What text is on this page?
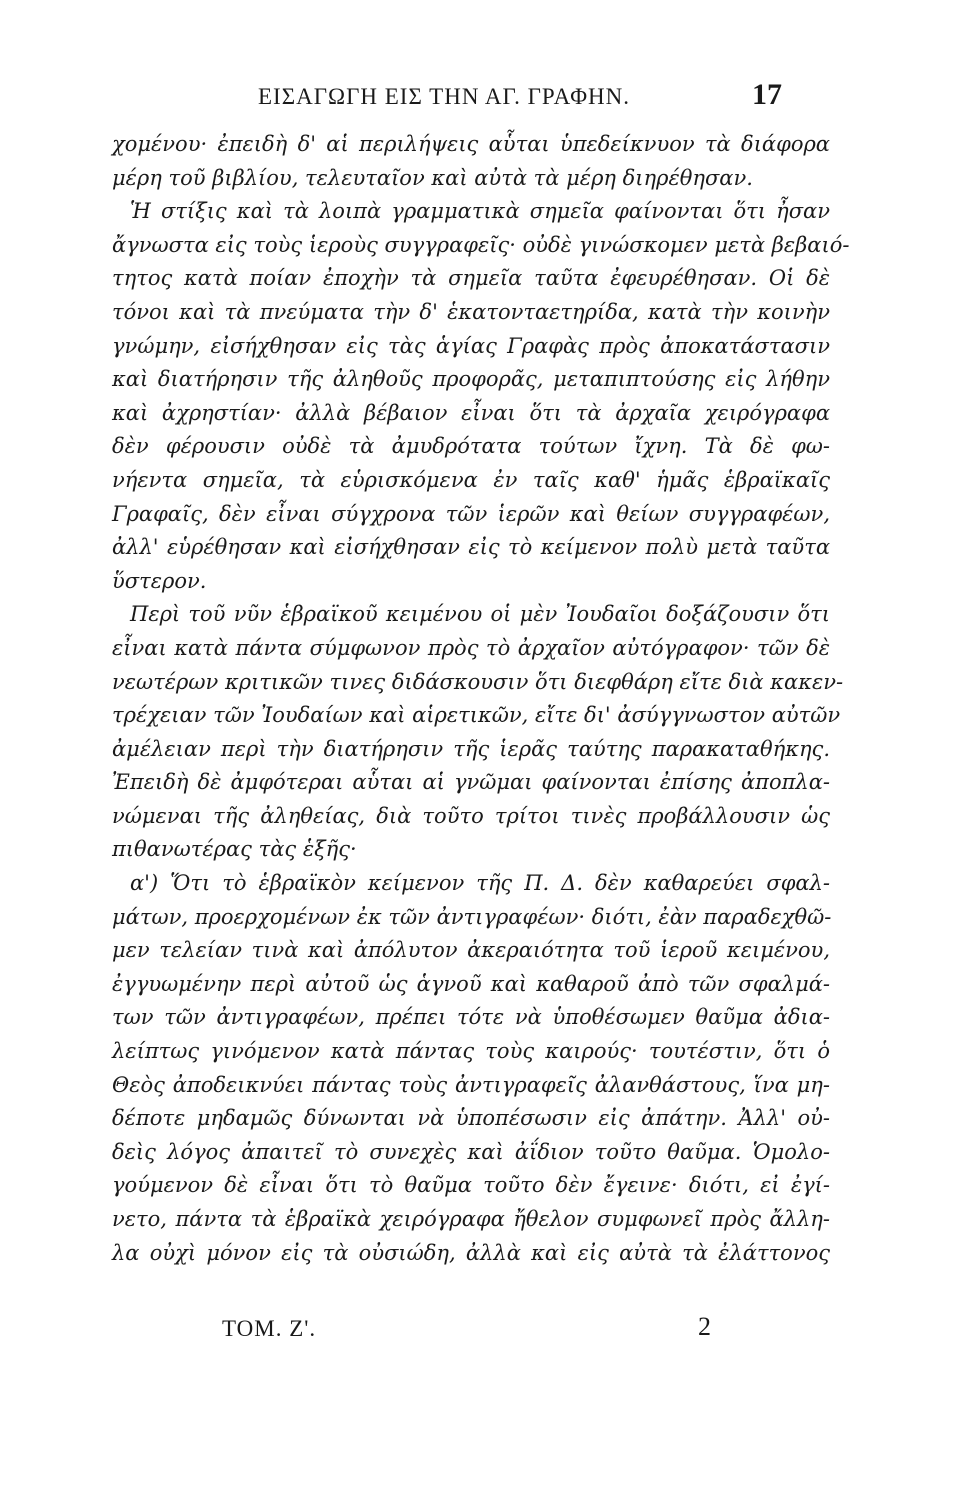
ΕΙΣΑΓΩΓΗ ΕΙΣ ΤΗΝ ΑΓ. ΓΡΑΦΗΝ.	17
χομένου· ἐπειδὴ δ' αἱ περιλήψεις αὗται ὑπεδείκνυον τὰ διάφορα
μέρη τοῦ βιβλίου, τελευταῖον καὶ αὐτὰ τὰ μέρη διηρέθησαν.
Ἡ στίξις καὶ τὰ λοιπὰ γραμματικὰ σημεῖα φαίνονται ὅτι ἦσαν
ἄγνωστα εἰς τοὺς ἱεροὺς συγγραφεῖς· οὐδὲ γινώσκομεν μετὰ βεβαιό-
τητος κατὰ ποίαν ἐποχὴν τὰ σημεῖα ταῦτα ἐφευρέθησαν. Οἱ δὲ
τόνοι καὶ τὰ πνεύματα τὴν δ' ἑκατονταετηρίδα, κατὰ τὴν κοινὴν
γνώμην, εἰσήχθησαν εἰς τὰς ἁγίας Γραφὰς πρὸς ἀποκατάστασιν
καὶ διατήρησιν τῆς ἀληθοῦς προφορᾶς, μεταπιπτούσης εἰς λήθην
καὶ ἀχρηστίαν· ἀλλὰ βέβαιον εἶναι ὅτι τὰ ἀρχαῖα χειρόγραφα
δὲν φέρουσιν οὐδὲ τὰ ἀμυδρότατα τούτων ἴχνη. Τὰ δὲ φω-
νήεντα σημεῖα, τὰ εὑρισκόμενα ἐν ταῖς καθ' ἡμᾶς ἑβραϊκαῖς
Γραφαῖς, δὲν εἶναι σύγχρονα τῶν ἱερῶν καὶ θείων συγγραφέων,
ἀλλ' εὑρέθησαν καὶ εἰσήχθησαν εἰς τὸ κείμενον πολὺ μετὰ ταῦτα
ὕστερον.
Περὶ τοῦ νῦν ἑβραϊκοῦ κειμένου οἱ μὲν Ἰουδαῖοι δοξάζουσιν ὅτι
εἶναι κατὰ πάντα σύμφωνον πρὸς τὸ ἀρχαῖον αὐτόγραφον· τῶν δὲ
νεωτέρων κριτικῶν τινες διδάσκουσιν ὅτι διεφθάρη εἴτε διὰ κακεν-
τρέχειαν τῶν Ἰουδαίων καὶ αἱρετικῶν, εἴτε δι' ἀσύγγνωστον αὐτῶν
ἀμέλειαν περὶ τὴν διατήρησιν τῆς ἱερᾶς ταύτης παρακαταθήκης.
Ἐπειδὴ δὲ ἀμφότεραι αὗται αἱ γνῶμαι φαίνονται ἐπίσης ἀποπλα-
νώμεναι τῆς ἀληθείας, διὰ τοῦτο τρίτοι τινὲς προβάλλουσιν ὡς
πιθανωτέρας τὰς ἑξῆς·
α') Ὅτι τὸ ἑβραϊκὸν κείμενον τῆς Π. Δ. δὲν καθαρεύει σφαλ-
μάτων, προερχομένων ἐκ τῶν ἀντιγραφέων· διότι, ἐὰν παραδεχθῶ-
μεν τελείαν τινὰ καὶ ἀπόλυτον ἀκεραιότητα τοῦ ἱεροῦ κειμένου,
ἐγγυωμένην περὶ αὐτοῦ ὡς ἁγνοῦ καὶ καθαροῦ ἀπὸ τῶν σφαλμά-
των τῶν ἀντιγραφέων, πρέπει τότε νὰ ὑποθέσωμεν θαῦμα ἀδια-
λείπτως γινόμενον κατὰ πάντας τοὺς καιρούς· τουτέστιν, ὅτι ὁ
Θεὸς ἀποδεικνύει πάντας τοὺς ἀντιγραφεῖς ἀλανθάστους, ἵνα μη-
δέποτε μηδαμῶς δύνωνται νὰ ὑποπέσωσιν εἰς ἀπάτην. Ἀλλ' οὐ-
δεὶς λόγος ἀπαιτεῖ τὸ συνεχὲς καὶ ἀΐδιον τοῦτο θαῦμα. Ὁμολο-
γούμενον δὲ εἶναι ὅτι τὸ θαῦμα τοῦτο δὲν ἔγεινε· διότι, εἰ ἐγί-
νετο, πάντα τὰ ἑβραϊκὰ χειρόγραφα ἤθελον συμφωνεῖ πρὸς ἄλλη-
λα οὐχὶ μόνον εἰς τὰ οὐσιώδη, ἀλλὰ καὶ εἰς αὐτὰ τὰ ἐλάττονος
ΤΟΜ. Ζ'.	2
